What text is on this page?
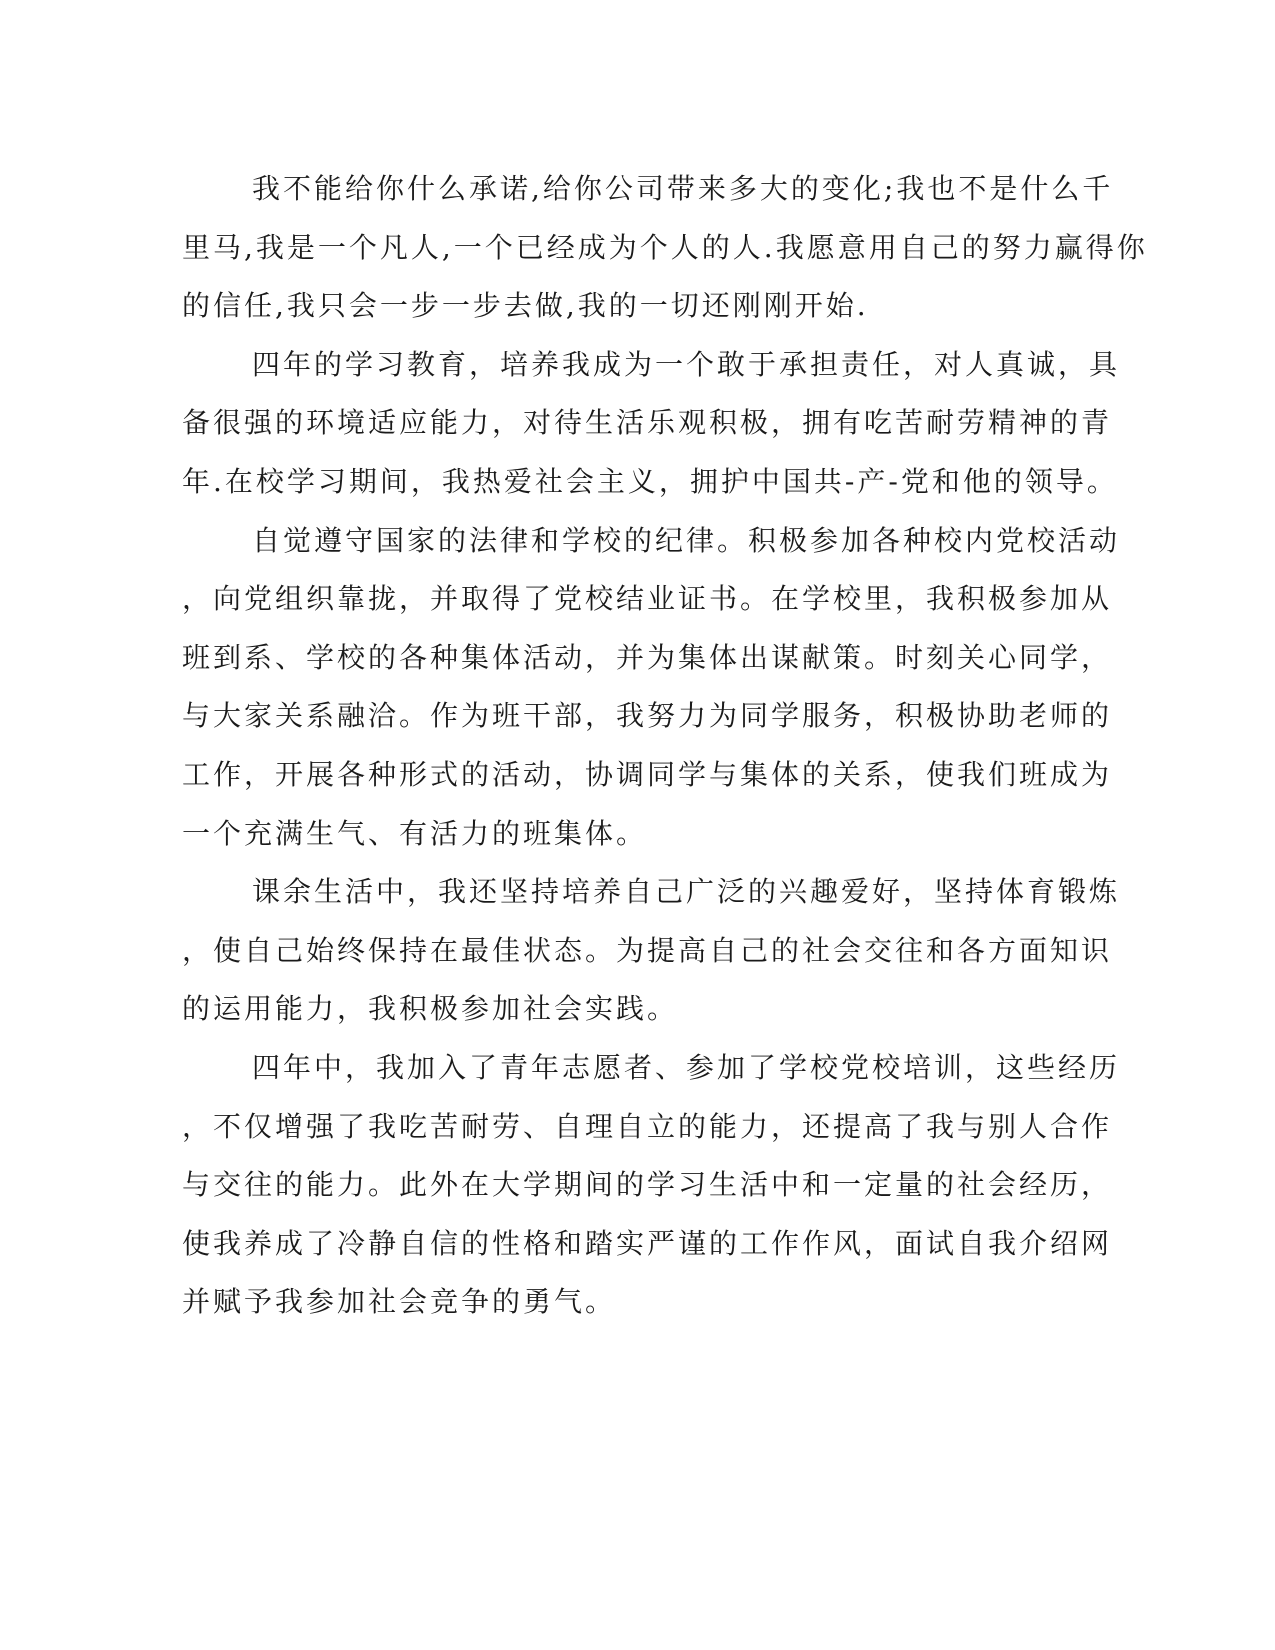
我不能给你什么承诺,给你公司带来多大的变化;我也不是什么千
里马,我是一个凡人,一个已经成为个人的人.我愿意用自己的努力赢得你
的信任,我只会一步一步去做,我的一切还刚刚开始.
四年的学习教育，培养我成为一个敢于承担责任，对人真诚，具
备很强的环境适应能力，对待生活乐观积极，拥有吃苦耐劳精神的青
年.在校学习期间，我热爱社会主义，拥护中国共-产-党和他的领导。
自觉遵守国家的法律和学校的纪律。积极参加各种校内党校活动
，向党组织靠拢，并取得了党校结业证书。在学校里，我积极参加从
班到系、学校的各种集体活动，并为集体出谋献策。时刻关心同学，
与大家关系融洽。作为班干部，我努力为同学服务，积极协助老师的
工作，开展各种形式的活动，协调同学与集体的关系，使我们班成为
一个充满生气、有活力的班集体。
课余生活中，我还坚持培养自己广泛的兴趣爱好，坚持体育锻炼
，使自己始终保持在最佳状态。为提高自己的社会交往和各方面知识
的运用能力，我积极参加社会实践。
四年中，我加入了青年志愿者、参加了学校党校培训，这些经历
，不仅增强了我吃苦耐劳、自理自立的能力，还提高了我与别人合作
与交往的能力。此外在大学期间的学习生活中和一定量的社会经历，
使我养成了冷静自信的性格和踏实严谨的工作作风，面试自我介绍网
并赋予我参加社会竞争的勇气。
